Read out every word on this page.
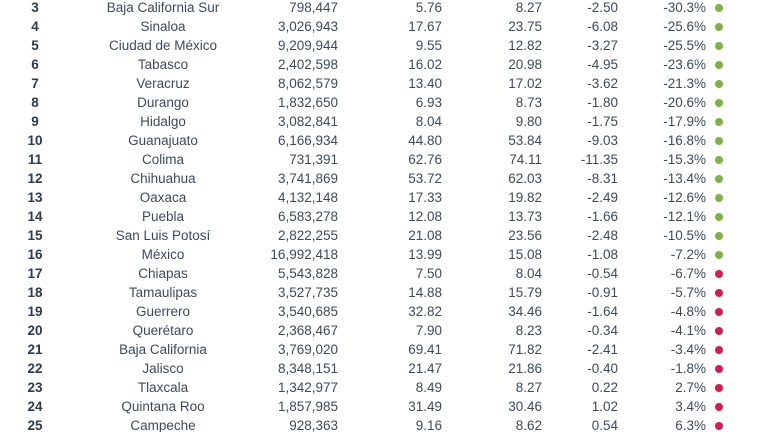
3	Baja California Sur	798,447	5.76	8.27	-2.50	-30.3%
4	Sinaloa	3,026,943	17.67	23.75	-6.08	-25.6%
5	Ciudad de México	9,209,944	9.55	12.82	-3.27	-25.5%
6	Tabasco	2,402,598	16.02	20.98	-4.95	-23.6%
7	Veracruz	8,062,579	13.40	17.02	-3.62	-21.3%
8	Durango	1,832,650	6.93	8.73	-1.80	-20.6%
9	Hidalgo	3,082,841	8.04	9.80	-1.75	-17.9%
10	Guanajuato	6,166,934	44.80	53.84	-9.03	-16.8%
11	Colima	731,391	62.76	74.11	-11.35	-15.3%
12	Chihuahua	3,741,869	53.72	62.03	-8.31	-13.4%
13	Oaxaca	4,132,148	17.33	19.82	-2.49	-12.6%
14	Puebla	6,583,278	12.08	13.73	-1.66	-12.1%
15	San Luis Potosí	2,822,255	21.08	23.56	-2.48	-10.5%
16	México	16,992,418	13.99	15.08	-1.08	-7.2%
17	Chiapas	5,543,828	7.50	8.04	-0.54	-6.7%
18	Tamaulipas	3,527,735	14.88	15.79	-0.91	-5.7%
19	Guerrero	3,540,685	32.82	34.46	-1.64	-4.8%
20	Querétaro	2,368,467	7.90	8.23	-0.34	-4.1%
21	Baja California	3,769,020	69.41	71.82	-2.41	-3.4%
22	Jalisco	8,348,151	21.47	21.86	-0.40	-1.8%
23	Tlaxcala	1,342,977	8.49	8.27	0.22	2.7%
24	Quintana Roo	1,857,985	31.49	30.46	1.02	3.4%
25	Campeche	928,363	9.16	8.62	0.54	6.3%
